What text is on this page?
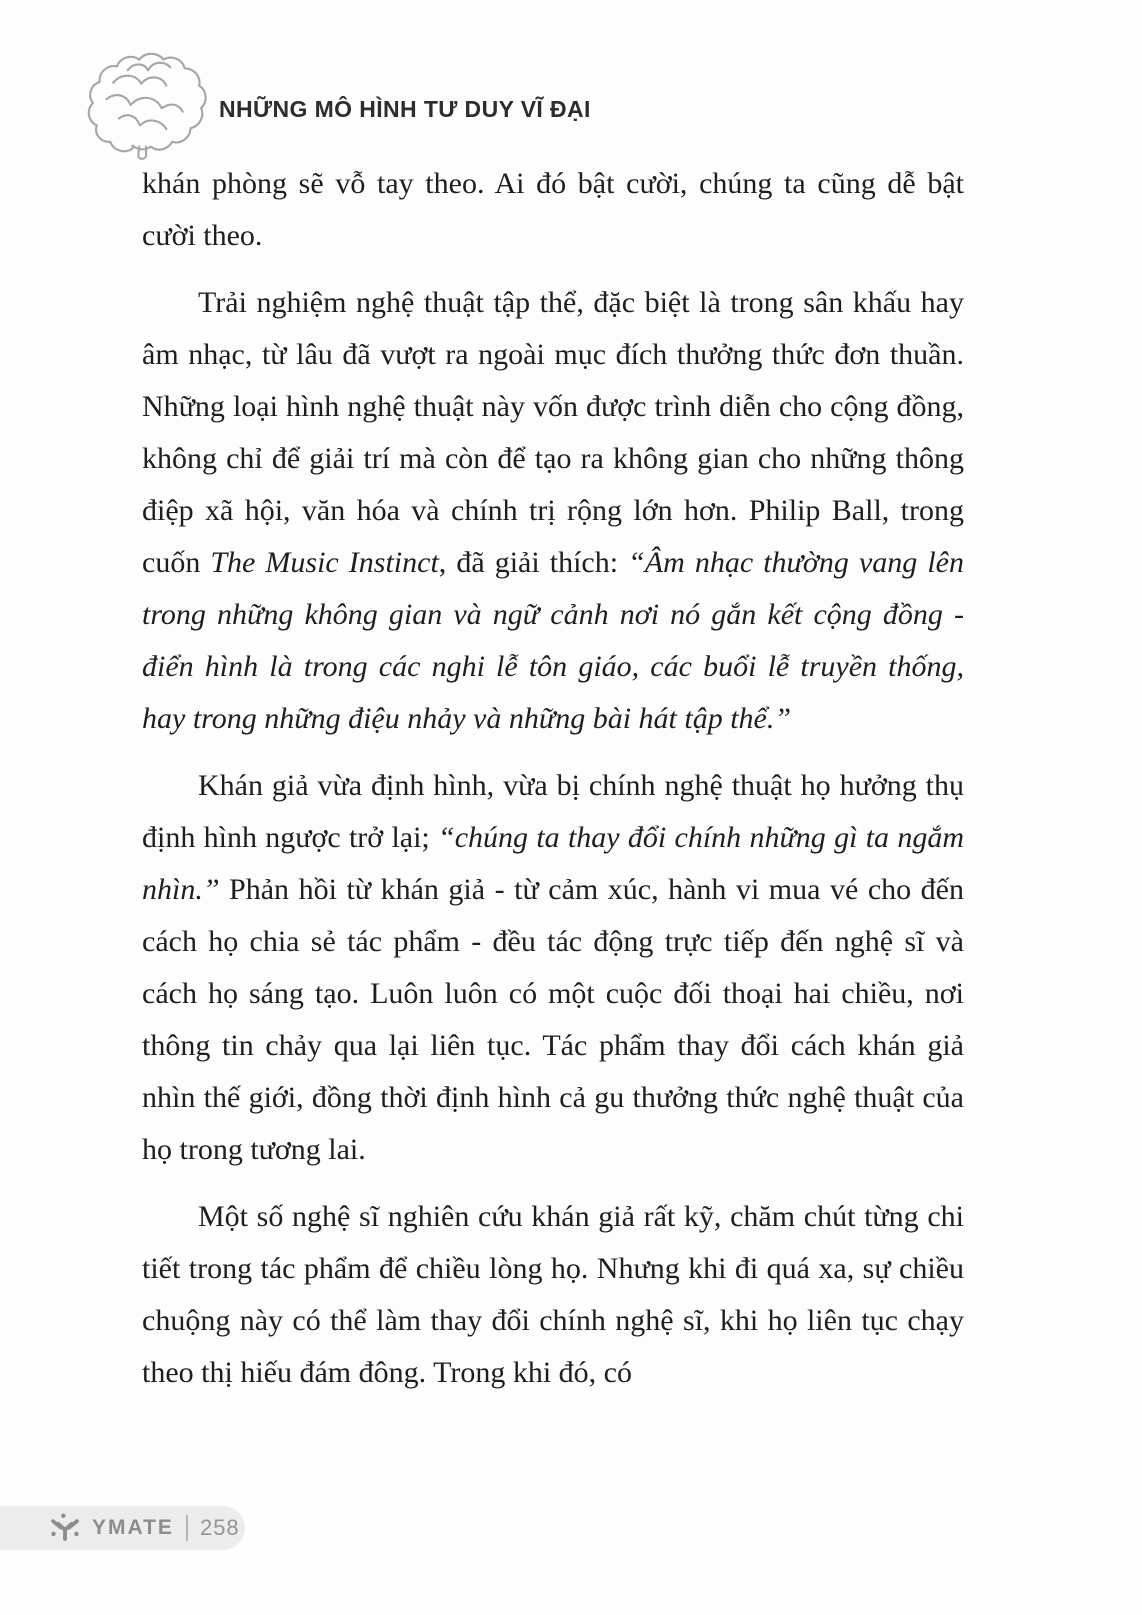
NHỮNG MÔ HÌNH TƯ DUY VĨ ĐẠI

khán phòng sẽ vỗ tay theo. Ai đó bật cười, chúng ta cũng dễ bật cười theo.

Trải nghiệm nghệ thuật tập thể, đặc biệt là trong sân khấu hay âm nhạc, từ lâu đã vượt ra ngoài mục đích thưởng thức đơn thuần. Những loại hình nghệ thuật này vốn được trình diễn cho cộng đồng, không chỉ để giải trí mà còn để tạo ra không gian cho những thông điệp xã hội, văn hóa và chính trị rộng lớn hơn. Philip Ball, trong cuốn The Music Instinct, đã giải thích: “Âm nhạc thường vang lên trong những không gian và ngữ cảnh nơi nó gắn kết cộng đồng - điển hình là trong các nghi lễ tôn giáo, các buổi lễ truyền thống, hay trong những điệu nhảy và những bài hát tập thể.”

Khán giả vừa định hình, vừa bị chính nghệ thuật họ hưởng thụ định hình ngược trở lại; “chúng ta thay đổi chính những gì ta ngắm nhìn.” Phản hồi từ khán giả - từ cảm xúc, hành vi mua vé cho đến cách họ chia sẻ tác phẩm - đều tác động trực tiếp đến nghệ sĩ và cách họ sáng tạo. Luôn luôn có một cuộc đối thoại hai chiều, nơi thông tin chảy qua lại liên tục. Tác phẩm thay đổi cách khán giả nhìn thế giới, đồng thời định hình cả gu thưởng thức nghệ thuật của họ trong tương lai.

Một số nghệ sĩ nghiên cứu khán giả rất kỹ, chăm chút từng chi tiết trong tác phẩm để chiều lòng họ. Nhưng khi đi quá xa, sự chiều chuộng này có thể làm thay đổi chính nghệ sĩ, khi họ liên tục chạy theo thị hiếu đám đông. Trong khi đó, có

YMATE 258
